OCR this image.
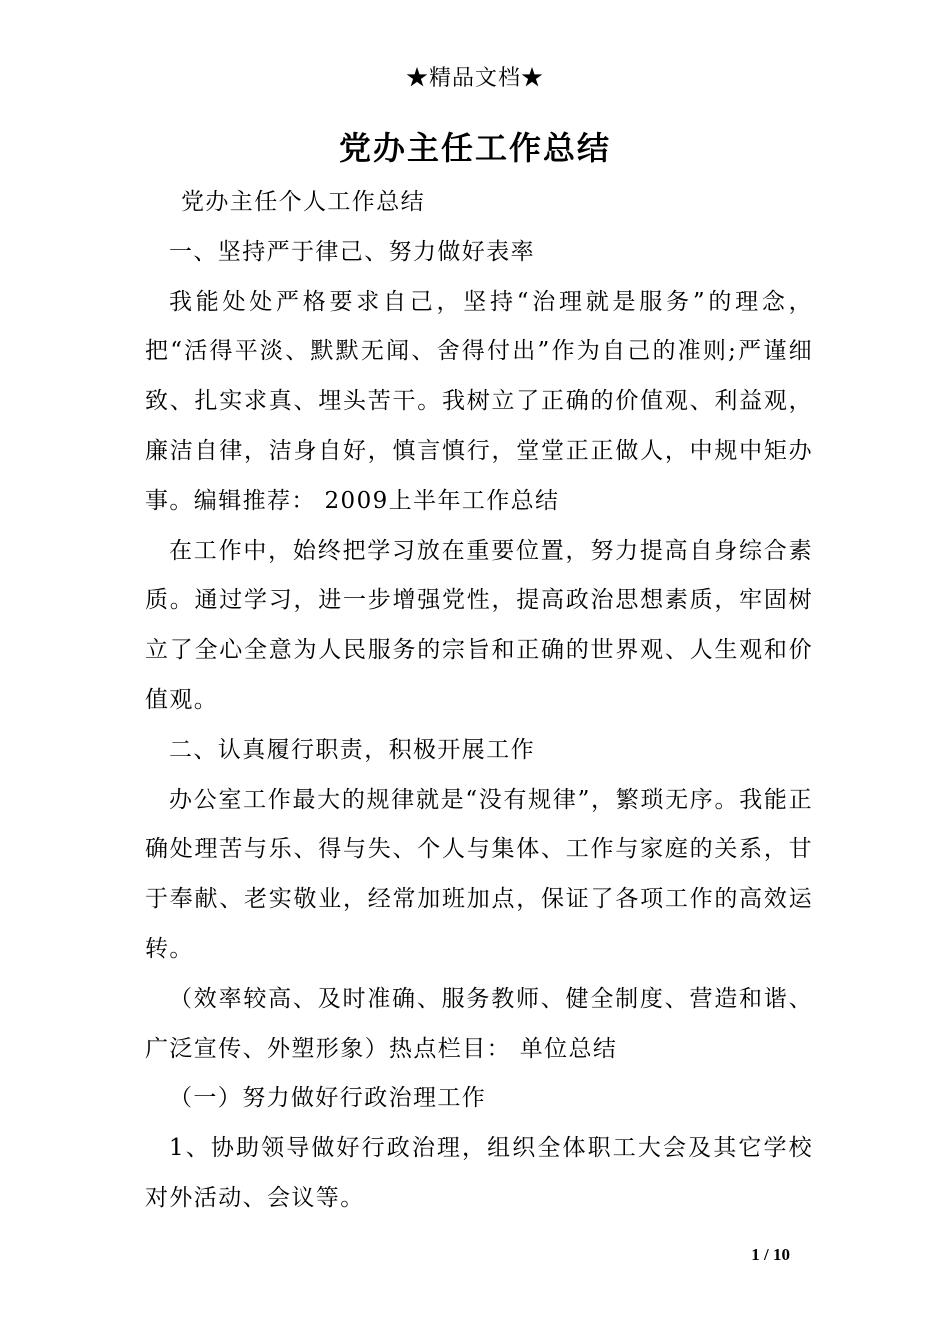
★精品文档★
党办主任工作总结

党办主任个人工作总结

一、坚持严于律己、努力做好表率

我能处处严格要求自己，坚持“治理就是服务”的理念，把“活得平淡、默默无闻、舍得付出”作为自己的准则;严谨细致、扎实求真、埋头苦干。我树立了正确的价值观、利益观，廉洁自律，洁身自好，慎言慎行，堂堂正正做人，中规中矩办事。编辑推荐： 2009上半年工作总结

在工作中，始终把学习放在重要位置，努力提高自身综合素质。通过学习，进一步增强党性，提高政治思想素质，牢固树立了全心全意为人民服务的宗旨和正确的世界观、人生观和价值观。

二、认真履行职责，积极开展工作

办公室工作最大的规律就是“没有规律”，繁琐无序。我能正确处理苦与乐、得与失、个人与集体、工作与家庭的关系，甘于奉献、老实敬业，经常加班加点，保证了各项工作的高效运转。

（效率较高、及时准确、服务教师、健全制度、营造和谐、广泛宣传、外塑形象）热点栏目： 单位总结

（一）努力做好行政治理工作

1、协助领导做好行政治理，组织全体职工大会及其它学校对外活动、会议等。

1 / 10
